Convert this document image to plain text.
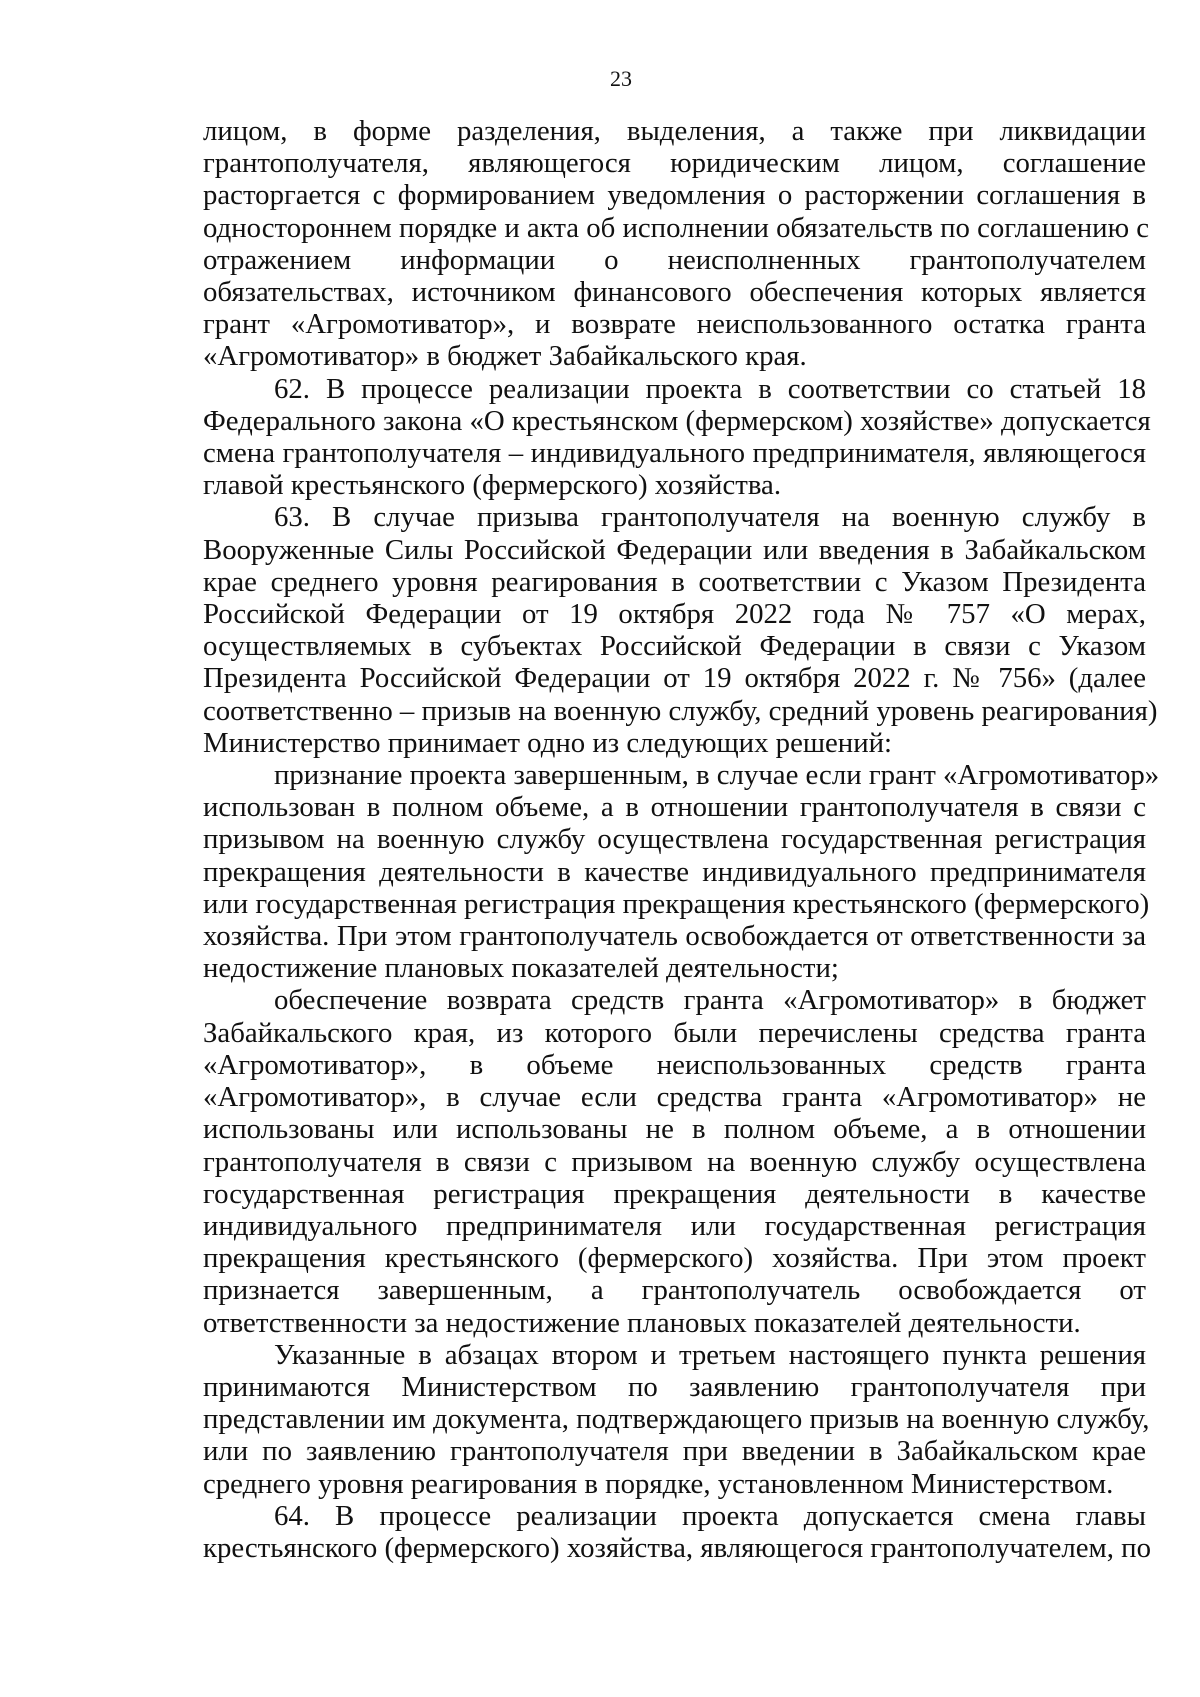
23
лицом, в форме разделения, выделения, а также при ликвидации
грантополучателя, являющегося юридическим лицом, соглашение
расторгается с формированием уведомления о расторжении соглашения в
одностороннем порядке и акта об исполнении обязательств по соглашению с
отражением информации о неисполненных грантополучателем
обязательствах, источником финансового обеспечения которых является
грант «Агромотиватор», и возврате неиспользованного остатка гранта
«Агромотиватор» в бюджет Забайкальского края.
62. В процессе реализации проекта в соответствии со статьей 18
Федерального закона «О крестьянском (фермерском) хозяйстве» допускается
смена грантополучателя – индивидуального предпринимателя, являющегося
главой крестьянского (фермерского) хозяйства.
63. В случае призыва грантополучателя на военную службу в
Вооруженные Силы Российской Федерации или введения в Забайкальском
крае среднего уровня реагирования в соответствии с Указом Президента
Российской Федерации от 19 октября 2022 года № 757 «О мерах,
осуществляемых в субъектах Российской Федерации в связи с Указом
Президента Российской Федерации от 19 октября 2022 г. № 756» (далее
соответственно – призыв на военную службу, средний уровень реагирования)
Министерство принимает одно из следующих решений:
признание проекта завершенным, в случае если грант «Агромотиватор»
использован в полном объеме, а в отношении грантополучателя в связи с
призывом на военную службу осуществлена государственная регистрация
прекращения деятельности в качестве индивидуального предпринимателя
или государственная регистрация прекращения крестьянского (фермерского)
хозяйства. При этом грантополучатель освобождается от ответственности за
недостижение плановых показателей деятельности;
обеспечение возврата средств гранта «Агромотиватор» в бюджет
Забайкальского края, из которого были перечислены средства гранта
«Агромотиватор», в объеме неиспользованных средств гранта
«Агромотиватор», в случае если средства гранта «Агромотиватор» не
использованы или использованы не в полном объеме, а в отношении
грантополучателя в связи с призывом на военную службу осуществлена
государственная регистрация прекращения деятельности в качестве
индивидуального предпринимателя или государственная регистрация
прекращения крестьянского (фермерского) хозяйства. При этом проект
признается завершенным, а грантополучатель освобождается от
ответственности за недостижение плановых показателей деятельности.
Указанные в абзацах втором и третьем настоящего пункта решения
принимаются Министерством по заявлению грантополучателя при
представлении им документа, подтверждающего призыв на военную службу,
или по заявлению грантополучателя при введении в Забайкальском крае
среднего уровня реагирования в порядке, установленном Министерством.
64. В процессе реализации проекта допускается смена главы
крестьянского (фермерского) хозяйства, являющегося грантополучателем, по
